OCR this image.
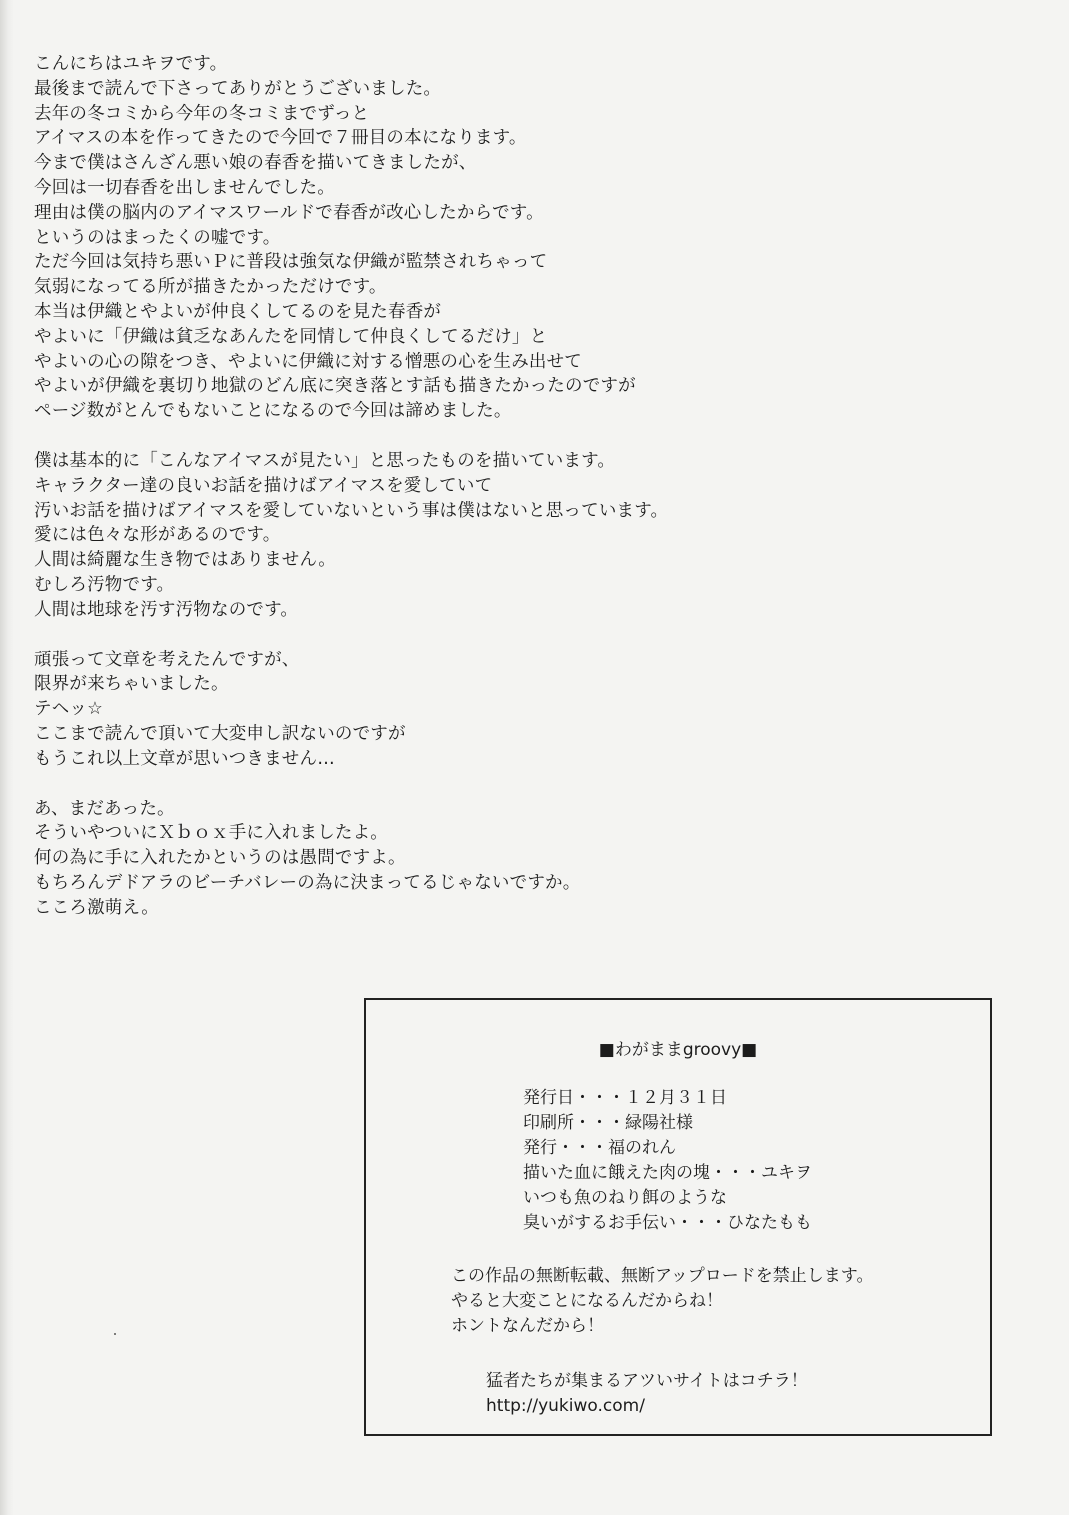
こんにちはユキヲです。
最後まで読んで下さってありがとうございました。
去年の冬コミから今年の冬コミまでずっと
アイマスの本を作ってきたので今回で７冊目の本になります。
今まで僕はさんざん悪い娘の春香を描いてきましたが、
今回は一切春香を出しませんでした。
理由は僕の脳内のアイマスワールドで春香が改心したからです。
というのはまったくの嘘です。
ただ今回は気持ち悪いＰに普段は強気な伊織が監禁されちゃって
気弱になってる所が描きたかっただけです。
本当は伊織とやよいが仲良くしてるのを見た春香が
やよいに「伊織は貧乏なあんたを同情して仲良くしてるだけ」と
やよいの心の隙をつき、やよいに伊織に対する憎悪の心を生み出せて
やよいが伊織を裏切り地獄のどん底に突き落とす話も描きたかったのですが
ページ数がとんでもないことになるので今回は諦めました。
僕は基本的に「こんなアイマスが見たい」と思ったものを描いています。
キャラクター達の良いお話を描けばアイマスを愛していて
汚いお話を描けばアイマスを愛していないという事は僕はないと思っています。
愛には色々な形があるのです。
人間は綺麗な生き物ではありません。
むしろ汚物です。
人間は地球を汚す汚物なのです。
頑張って文章を考えたんですが、
限界が来ちゃいました。
テヘッ☆
ここまで読んで頂いて大変申し訳ないのですが
もうこれ以上文章が思いつきません…
あ、まだあった。
そういやついにＸｂｏｘ手に入れましたよ。
何の為に手に入れたかというのは愚問ですよ。
もちろんデドアラのビーチバレーの為に決まってるじゃないですか。
こころ激萌え。
■わがままgroovy■
発行日・・・１２月３１日
印刷所・・・緑陽社様
発行・・・福のれん
描いた血に餓えた肉の塊・・・ユキヲ
いつも魚のねり餌のような
臭いがするお手伝い・・・ひなたもも
この作品の無断転載、無断アップロードを禁止します。
やると大変ことになるんだからね！
ホントなんだから！
猛者たちが集まるアツいサイトはコチラ！
http://yukiwo.com/
